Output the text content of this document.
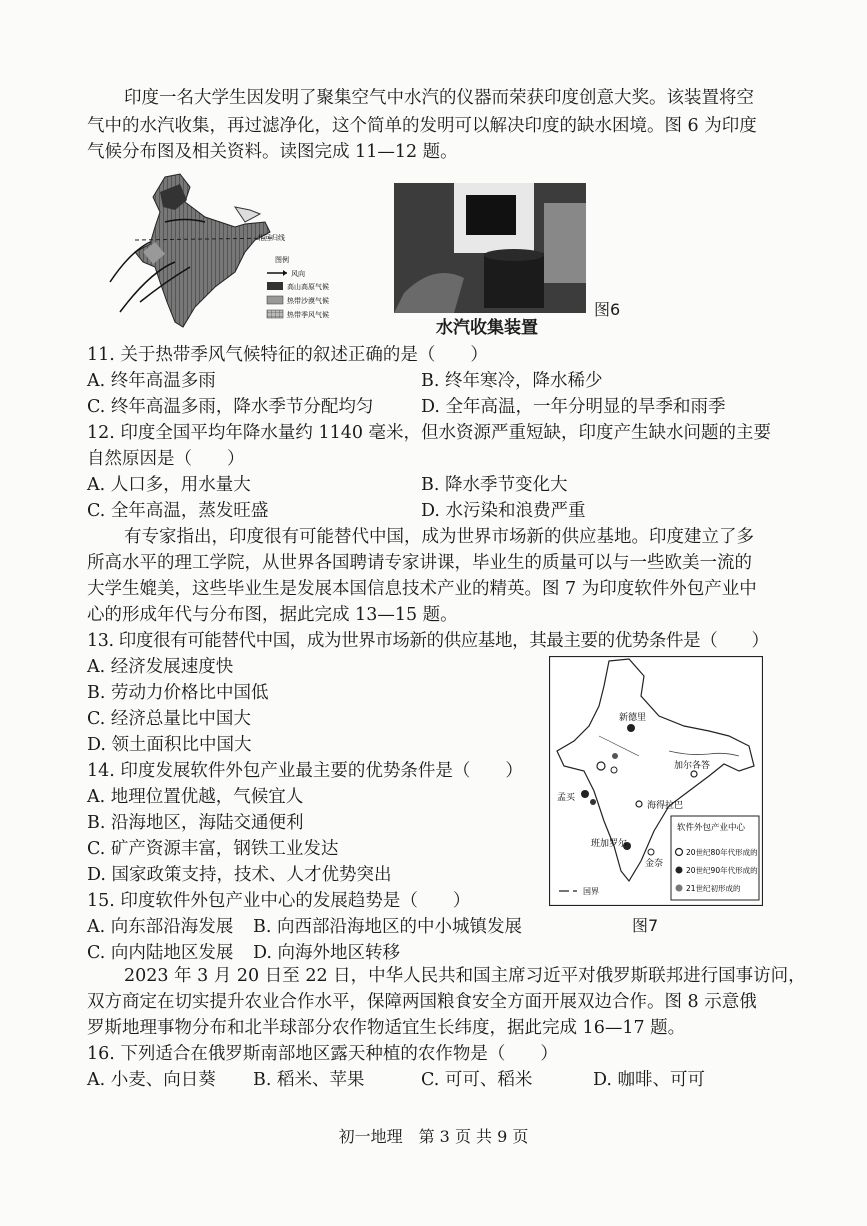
印度一名大学生因发明了聚集空气中水汽的仪器而荣获印度创意大奖。该装置将空
气中的水汽收集，再过滤净化，这个简单的发明可以解决印度的缺水困境。图 6 为印度
气候分布图及相关资料。读图完成 11—12 题。
北回归线
图例
风向
高山高原气候
热带沙漠气候
热带季风气候
水汽收集装置
图6
11. 关于热带季风气候特征的叙述正确的是（　　）
A. 终年高温多雨	B. 终年寒冷，降水稀少
C. 终年高温多雨，降水季节分配均匀	D. 全年高温，一年分明显的旱季和雨季
12. 印度全国平均年降水量约 1140 毫米，但水资源严重短缺，印度产生缺水问题的主要
自然原因是（　　）
A. 人口多，用水量大	B. 降水季节变化大
C. 全年高温，蒸发旺盛	D. 水污染和浪费严重
有专家指出，印度很有可能替代中国，成为世界市场新的供应基地。印度建立了多
所高水平的理工学院，从世界各国聘请专家讲课，毕业生的质量可以与一些欧美一流的
大学生媲美，这些毕业生是发展本国信息技术产业的精英。图 7 为印度软件外包产业中
心的形成年代与分布图，据此完成 13—15 题。
13. 印度很有可能替代中国，成为世界市场新的供应基地，其最主要的优势条件是（　　）
A. 经济发展速度快
B. 劳动力价格比中国低
C. 经济总量比中国大
D. 领土面积比中国大
14. 印度发展软件外包产业最主要的优势条件是（　　）
A. 地理位置优越，气候宜人
B. 沿海地区，海陆交通便利
C. 矿产资源丰富，钢铁工业发达
D. 国家政策支持，技术、人才优势突出
15. 印度软件外包产业中心的发展趋势是（　　）
A. 向东部沿海发展 B. 向西部沿海地区的中小城镇发展
C. 向内陆地区发展 D. 向海外地区转移
新德里
加尔各答
孟买
海得拉巴
班加罗尔
金奈
国界
软件外包产业中心
20世纪80年代形成的
20世纪90年代形成的
21世纪初形成的
图7
2023 年 3 月 20 日至 22 日，中华人民共和国主席习近平对俄罗斯联邦进行国事访问，
双方商定在切实提升农业合作水平，保障两国粮食安全方面开展双边合作。图 8 示意俄
罗斯地理事物分布和北半球部分农作物适宜生长纬度，据此完成 16—17 题。
16. 下列适合在俄罗斯南部地区露天种植的农作物是（　　）
A. 小麦、向日葵 B. 稻米、苹果	C. 可可、稻米	D. 咖啡、可可
初一地理　第 3 页 共 9 页
